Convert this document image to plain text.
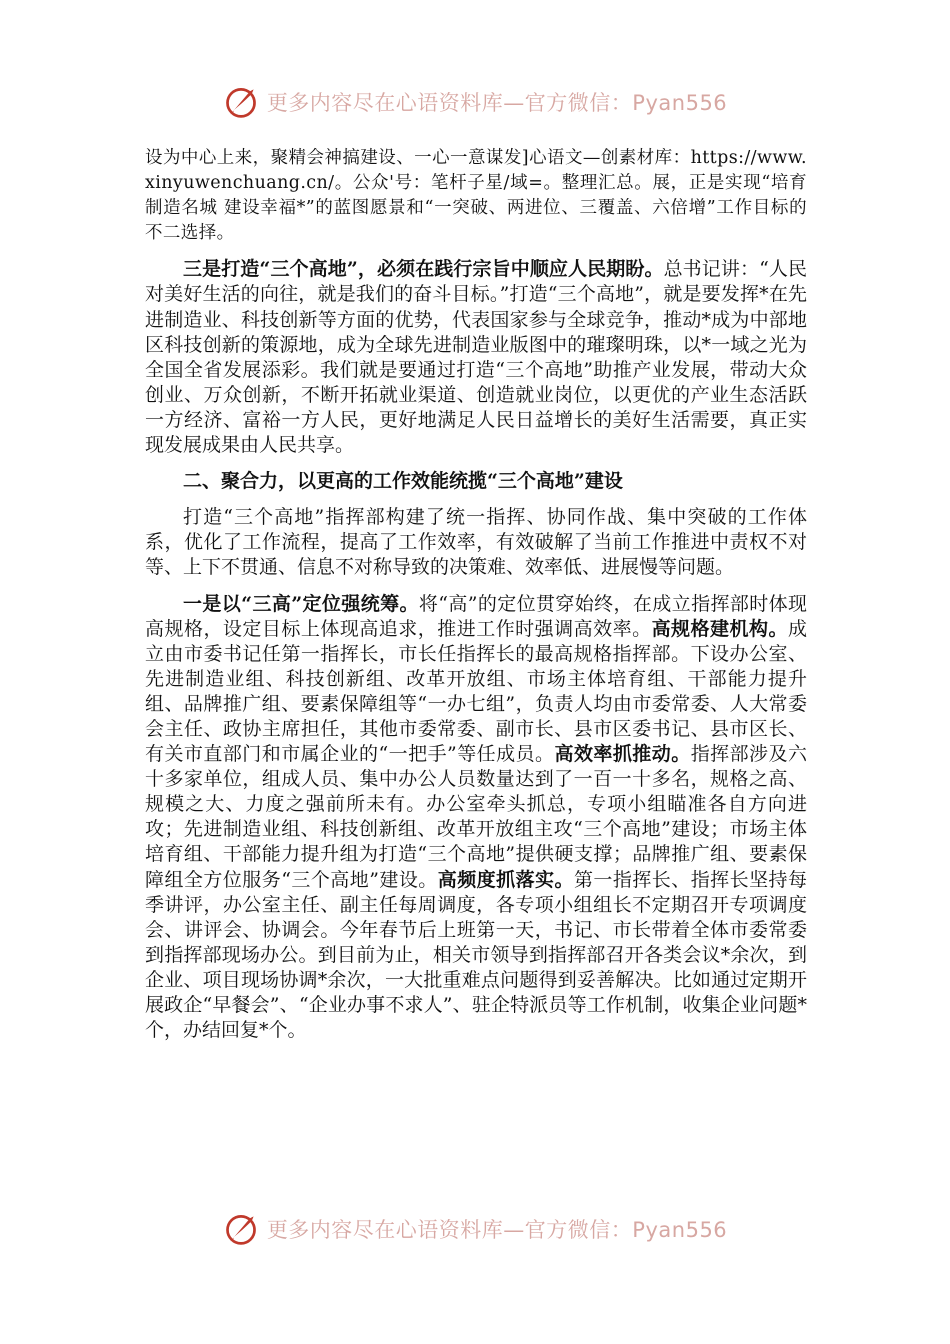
更多内容尽在心语资料库—官方微信：Pyan556

设为中心上来，聚精会神搞建设、一心一意谋发]心语文—创素材库：https://www.xinyuwenchuang.cn/。公众'号：笔杆子星/域=。整理汇总。展，正是实现“培育制造名城 建设幸福*”的蓝图愿景和“一突破、两进位、三覆盖、六倍增”工作目标的不二选择。

三是打造“三个高地”，必须在践行宗旨中顺应人民期盼。总书记讲：“人民对美好生活的向往，就是我们的奋斗目标。”打造“三个高地”，就是要发挥*在先进制造业、科技创新等方面的优势，代表国家参与全球竞争，推动*成为中部地区科技创新的策源地，成为全球先进制造业版图中的璀璨明珠，以*一域之光为全国全省发展添彩。我们就是要通过打造“三个高地”助推产业发展，带动大众创业、万众创新，不断开拓就业渠道、创造就业岗位，以更优的产业生态活跃一方经济、富裕一方人民，更好地满足人民日益增长的美好生活需要，真正实现发展成果由人民共享。

二、聚合力，以更高的工作效能统揽“三个高地”建设

打造“三个高地”指挥部构建了统一指挥、协同作战、集中突破的工作体系，优化了工作流程，提高了工作效率，有效破解了当前工作推进中责权不对等、上下不贯通、信息不对称导致的决策难、效率低、进展慢等问题。

一是以“三高”定位强统筹。将“高”的定位贯穿始终，在成立指挥部时体现高规格，设定目标上体现高追求，推进工作时强调高效率。高规格建机构。成立由市委书记任第一指挥长，市长任指挥长的最高规格指挥部。下设办公室、先进制造业组、科技创新组、改革开放组、市场主体培育组、干部能力提升组、品牌推广组、要素保障组等“一办七组”，负责人均由市委常委、人大常委会主任、政协主席担任，其他市委常委、副市长、县市区委书记、县市区长、有关市直部门和市属企业的“一把手”等任成员。高效率抓推动。指挥部涉及六十多家单位，组成人员、集中办公人员数量达到了一百一十多名，规格之高、规模之大、力度之强前所未有。办公室牵头抓总，专项小组瞄准各自方向进攻；先进制造业组、科技创新组、改革开放组主攻“三个高地”建设；市场主体培育组、干部能力提升组为打造“三个高地”提供硬支撑；品牌推广组、要素保障组全方位服务“三个高地”建设。高频度抓落实。第一指挥长、指挥长坚持每季讲评，办公室主任、副主任每周调度，各专项小组组长不定期召开专项调度会、讲评会、协调会。今年春节后上班第一天，书记、市长带着全体市委常委到指挥部现场办公。到目前为止，相关市领导到指挥部召开各类会议*余次，到企业、项目现场协调*余次，一大批重难点问题得到妥善解决。比如通过定期开展政企“早餐会”、“企业办事不求人”、驻企特派员等工作机制，收集企业问题*个，办结回复*个。

更多内容尽在心语资料库—官方微信：Pyan556
